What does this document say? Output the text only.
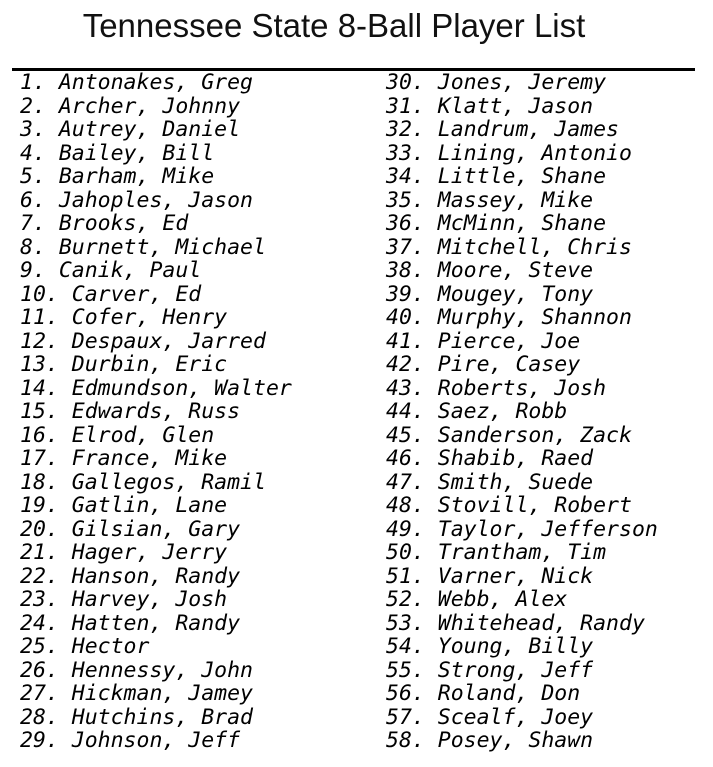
Tennessee State 8-Ball Player List
1. Antonakes, Greg
2. Archer, Johnny
3. Autrey, Daniel
4. Bailey, Bill
5. Barham, Mike
6. Jahoples, Jason
7. Brooks, Ed
8. Burnett, Michael
9. Canik, Paul
10. Carver, Ed
11. Cofer, Henry
12. Despaux, Jarred
13. Durbin, Eric
14. Edmundson, Walter
15. Edwards, Russ
16. Elrod, Glen
17. France, Mike
18. Gallegos, Ramil
19. Gatlin, Lane
20. Gilsian, Gary
21. Hager, Jerry
22. Hanson, Randy
23. Harvey, Josh
24. Hatten, Randy
25. Hector
26. Hennessy, John
27. Hickman, Jamey
28. Hutchins, Brad
29. Johnson, Jeff
30. Jones, Jeremy
31. Klatt, Jason
32. Landrum, James
33. Lining, Antonio
34. Little, Shane
35. Massey, Mike
36. McMinn, Shane
37. Mitchell, Chris
38. Moore, Steve
39. Mougey, Tony
40. Murphy, Shannon
41. Pierce, Joe
42. Pire, Casey
43. Roberts, Josh
44. Saez, Robb
45. Sanderson, Zack
46. Shabib, Raed
47. Smith, Suede
48. Stovill, Robert
49. Taylor, Jefferson
50. Trantham, Tim
51. Varner, Nick
52. Webb, Alex
53. Whitehead, Randy
54. Young, Billy
55. Strong, Jeff
56. Roland, Don
57. Scealf, Joey
58. Posey, Shawn
